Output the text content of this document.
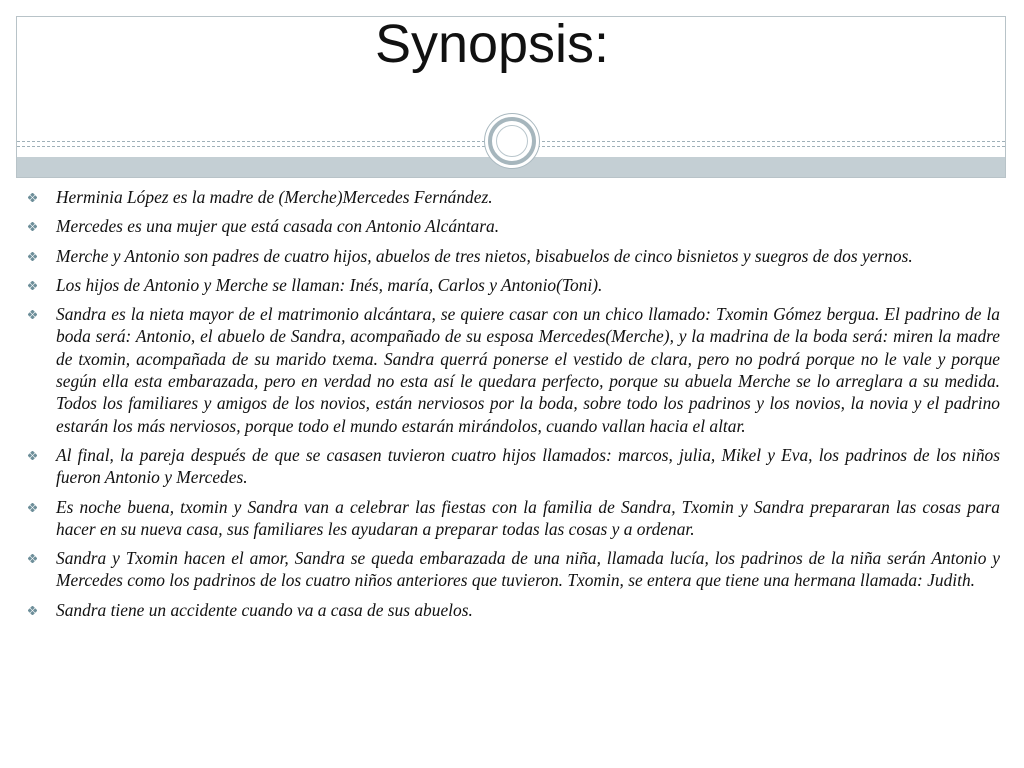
Synopsis:
Herminia López es la madre de (Merche)Mercedes Fernández.
Mercedes es una mujer que está casada con Antonio Alcántara.
Merche y Antonio son padres de cuatro hijos, abuelos de tres nietos, bisabuelos de cinco bisnietos y suegros de dos yernos.
Los hijos de Antonio y Merche se llaman: Inés, maría, Carlos y Antonio(Toni).
Sandra es la nieta mayor de el matrimonio alcántara, se quiere casar con un chico llamado: Txomin Gómez bergua. El padrino de la boda será: Antonio, el abuelo de Sandra, acompañado de su esposa Mercedes(Merche), y la madrina de la boda será: miren la madre de txomin, acompañada de su marido txema. Sandra querrá ponerse el vestido de clara, pero no podrá porque no le vale y porque según ella esta embarazada, pero en verdad no esta así le quedara perfecto, porque su abuela Merche se lo arreglara a su medida. Todos los familiares y amigos de los novios, están nerviosos por la boda, sobre todo los padrinos y los novios, la novia y el padrino estarán los más nerviosos, porque todo el mundo estarán mirándolos, cuando vallan hacia el altar.
Al final, la pareja después de que se casasen tuvieron cuatro hijos llamados: marcos, julia, Mikel y Eva, los padrinos de los niños fueron Antonio y Mercedes.
Es noche buena, txomin y Sandra van a celebrar las fiestas con la familia de Sandra, Txomin y Sandra prepararan las cosas para hacer en su nueva casa, sus familiares les ayudaran a preparar todas las cosas y a ordenar.
Sandra y Txomin hacen el amor, Sandra se queda embarazada de una niña, llamada lucía, los padrinos de la niña serán Antonio y Mercedes como los padrinos de los cuatro niños anteriores que tuvieron. Txomin, se entera que tiene una hermana llamada: Judith.
Sandra tiene un accidente cuando va a casa de sus abuelos.
